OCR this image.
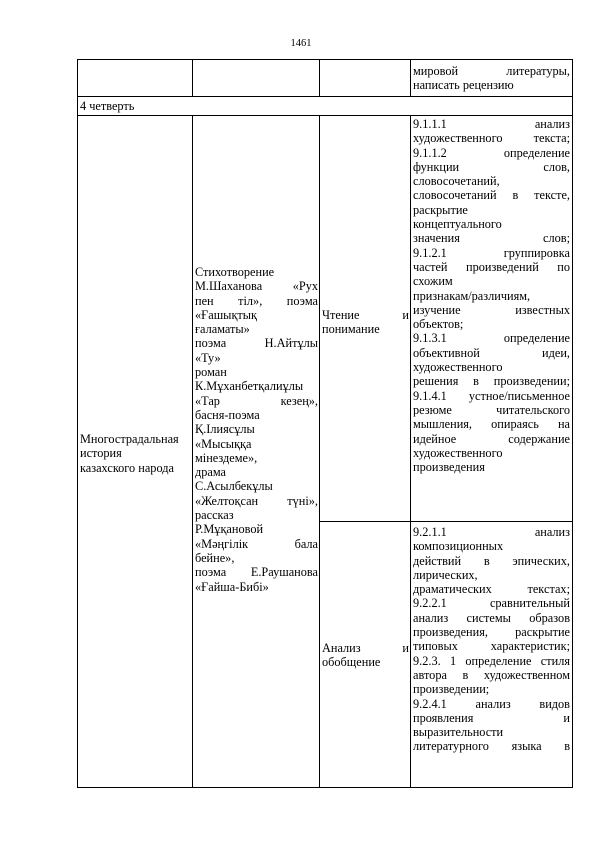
1461
мировой литературы,
написать рецензию
4 четверть
Многострадальная
история
казахского народа
Стихотворение
М.Шаханова «Рух
пен тіл», поэма
«Ғашықтық
ғаламаты»
поэма Н.Айтұлы
«Ту»
роман
К.Мұханбетқалиұлы
«Тар кезең»,
басня-поэма
Қ.Ілиясұлы
«Мысыққа
мінездеме»,
драма
С.Асылбекұлы
«Желтоқсан түні»,
рассказ
Р.Мұқановой
«Мәңгілік бала
бейне»,
поэма Е.Раушанова
«Ғайша-Бибі»
Чтение и
понимание
9.1.1.1 анализ
художественного текста;
9.1.1.2 определение
функции слов,
словосочетаний,
словосочетаний в тексте,
раскрытие
концептуального
значения слов;
9.1.2.1 группировка
частей произведений по
схожим
признакам/различиям,
изучение известных
объектов;
9.1.3.1 определение
объективной идеи,
художественного
решения в произведении;
9.1.4.1 устное/письменное
резюме читательского
мышления, опираясь на
идейное содержание
художественного
произведения
Анализ и
обобщение
9.2.1.1 анализ
композиционных
действий в эпических,
лирических,
драматических текстах;
9.2.2.1 сравнительный
анализ системы образов
произведения, раскрытие
типовых характеристик;
9.2.3. 1 определение стиля
автора в художественном
произведении;
9.2.4.1 анализ видов
проявления и
выразительности
литературного языка в
